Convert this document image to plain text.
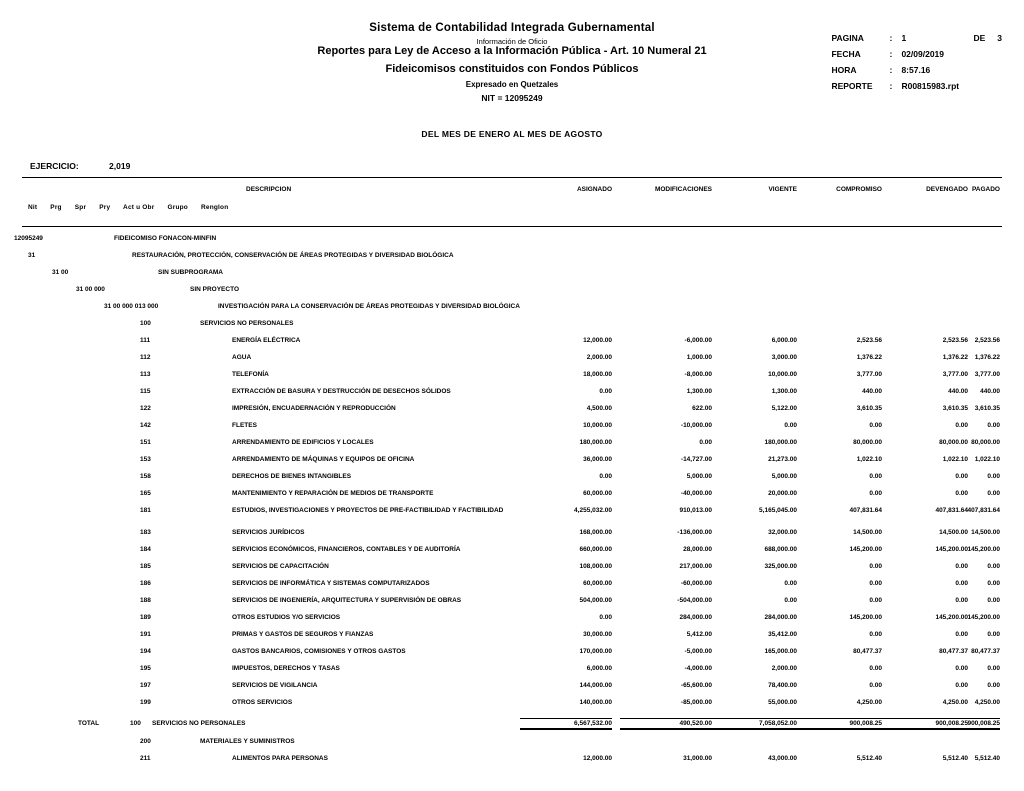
Sistema de Contabilidad Integrada Gubernamental
Información de Oficio
Reportes para Ley de Acceso a la Información Pública - Art. 10 Numeral 21
Fideicomisos constituidos con Fondos Públicos
Expresado en Quetzales
NIT = 12095249
DEL MES DE ENERO AL MES DE AGOSTO
PAGINA	:	1	DE 3
FECHA	:	02/09/2019
HORA	:	8:57.16
REPORTE	:	R00815983.rpt
EJERCICIO:	2,019
DESCRIPCION
Nit Prg Spr Pry Act u Obr Grupo Renglon
ASIGNADO	MODIFICACIONES	VIGENTE	COMPROMISO	DEVENGADO PAGADO
12095249	FIDEICOMISO FONACON-MINFIN
31	RESTAURACIÓN, PROTECCIÓN, CONSERVACIÓN DE ÁREAS PROTEGIDAS Y DIVERSIDAD BIOLÓGICA
31 00	SIN SUBPROGRAMA
31 00 000	SIN PROYECTO
31 00 000 013 000	INVESTIGACIÓN PARA LA CONSERVACIÓN DE ÁREAS PROTEGIDAS Y DIVERSIDAD BIOLÓGICA
100	SERVICIOS NO PERSONALES
111	ENERGÍA ELÉCTRICA	12,000.00	-6,000.00	6,000.00	2,523.56	2,523.56	2,523.56
112	AGUA	2,000.00	1,000.00	3,000.00	1,376.22	1,376.22	1,376.22
113	TELEFONÍA	18,000.00	-8,000.00	10,000.00	3,777.00	3,777.00	3,777.00
115	EXTRACCIÓN DE BASURA Y DESTRUCCIÓN DE DESECHOS SÓLIDOS	0.00	1,300.00	1,300.00	440.00	440.00	440.00
122	IMPRESIÓN, ENCUADERNACIÓN Y REPRODUCCIÓN	4,500.00	622.00	5,122.00	3,610.35	3,610.35	3,610.35
142	FLETES	10,000.00	-10,000.00	0.00	0.00	0.00	0.00
151	ARRENDAMIENTO DE EDIFICIOS Y LOCALES	180,000.00	0.00	180,000.00	80,000.00	80,000.00 80,000.00
153	ARRENDAMIENTO DE MÁQUINAS Y EQUIPOS DE OFICINA	36,000.00	-14,727.00	21,273.00	1,022.10	1,022.10	1,022.10
158	DERECHOS DE BIENES INTANGIBLES	0.00	5,000.00	5,000.00	0.00	0.00	0.00
165	MANTENIMIENTO Y REPARACIÓN DE MEDIOS DE TRANSPORTE	60,000.00	-40,000.00	20,000.00	0.00	0.00	0.00
181	ESTUDIOS, INVESTIGACIONES Y PROYECTOS DE PRE-FACTIBILIDAD Y FACTIBILIDAD	4,255,032.00	910,013.00	5,165,045.00	407,831.64	407,831.64 407,831.64
183	SERVICIOS JURÍDICOS	168,000.00	-136,000.00	32,000.00	14,500.00	14,500.00 14,500.00
184	SERVICIOS ECONÓMICOS, FINANCIEROS, CONTABLES Y DE AUDITORÍA	660,000.00	28,000.00	688,000.00	145,200.00	145,200.00 145,200.00
185	SERVICIOS DE CAPACITACIÓN	108,000.00	217,000.00	325,000.00	0.00	0.00	0.00
186	SERVICIOS DE INFORMÁTICA Y SISTEMAS COMPUTARIZADOS	60,000.00	-60,000.00	0.00	0.00	0.00	0.00
188	SERVICIOS DE INGENIERÍA, ARQUITECTURA Y SUPERVISIÓN DE OBRAS	504,000.00	-504,000.00	0.00	0.00	0.00	0.00
189	OTROS ESTUDIOS Y/O SERVICIOS	0.00	284,000.00	284,000.00	145,200.00	145,200.00 145,200.00
191	PRIMAS Y GASTOS DE SEGUROS Y FIANZAS	30,000.00	5,412.00	35,412.00	0.00	0.00	0.00
194	GASTOS BANCARIOS, COMISIONES Y OTROS GASTOS	170,000.00	-5,000.00	165,000.00	80,477.37	80,477.37 80,477.37
195	IMPUESTOS, DERECHOS Y TASAS	6,000.00	-4,000.00	2,000.00	0.00	0.00	0.00
197	SERVICIOS DE VIGILANCIA	144,000.00	-65,600.00	78,400.00	0.00	0.00	0.00
199	OTROS SERVICIOS	140,000.00	-85,000.00	55,000.00	4,250.00	4,250.00	4,250.00
TOTAL	100 SERVICIOS NO PERSONALES	6,567,532.00	490,520.00	7,058,052.00	900,008.25	900,008.25 900,008.25
200	MATERIALES Y SUMINISTROS
211	ALIMENTOS PARA PERSONAS	12,000.00	31,000.00	43,000.00	5,512.40	5,512.40	5,512.40
